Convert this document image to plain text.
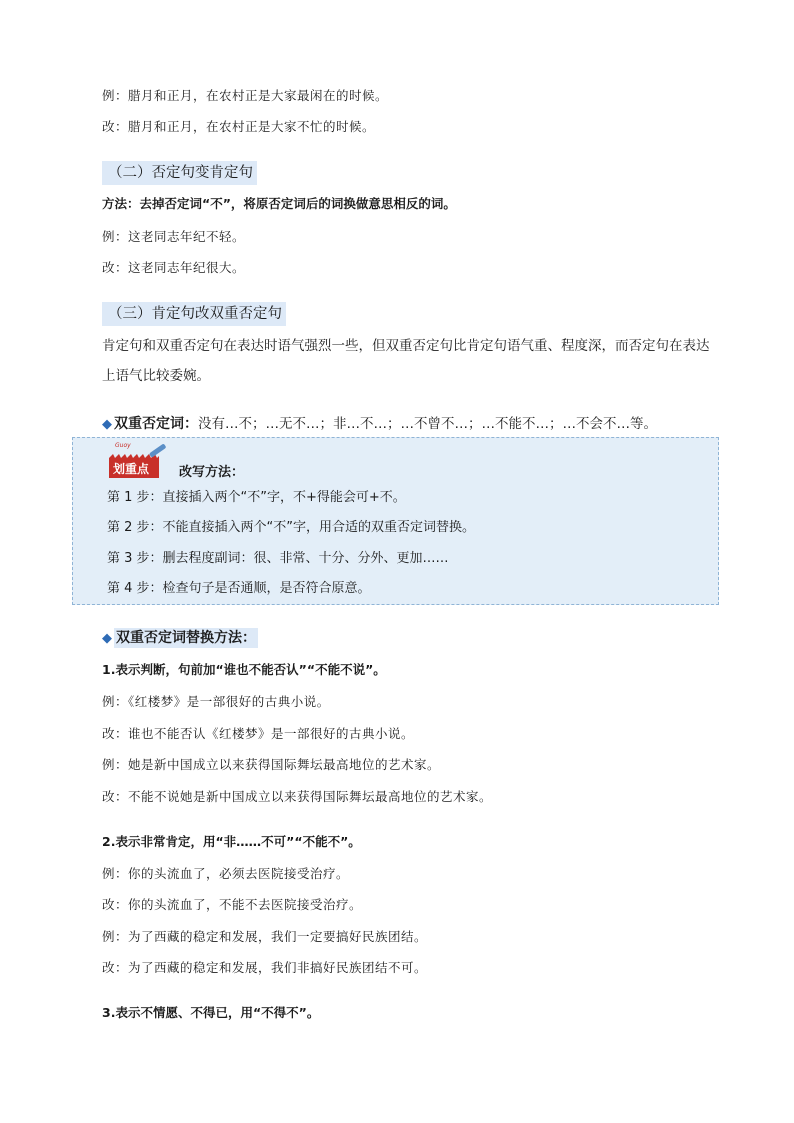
例：腊月和正月，在农村正是大家最闲在的时候。
改：腊月和正月，在农村正是大家不忙的时候。
（二）否定句变肯定句
方法：去掉否定词“不”，将原否定词后的词换做意思相反的词。
例：这老同志年纪不轻。
改：这老同志年纪很大。
（三）肯定句改双重否定句
肯定句和双重否定句在表达时语气强烈一些，但双重否定句比肯定句语气重、程度深，而否定句在表达上语气比较委婉。
◆ 双重否定词：没有…不；…无不…；非…不…；…不曾不…；…不能不…；…不会不…等。
Guoy
划重点 改写方法：
第 1 步：直接插入两个“不”字，不+得能会可+不。
第 2 步：不能直接插入两个“不”字，用合适的双重否定词替换。
第 3 步：删去程度副词：很、非常、十分、分外、更加……
第 4 步：检查句子是否通顺，是否符合原意。
◆ 双重否定词替换方法：
1.表示判断，句前加“谁也不能否认”“不能不说”。
例：《红楼梦》是一部很好的古典小说。
改：谁也不能否认《红楼梦》是一部很好的古典小说。
例：她是新中国成立以来获得国际舞坛最高地位的艺术家。
改：不能不说她是新中国成立以来获得国际舞坛最高地位的艺术家。
2.表示非常肯定，用“非……不可”“不能不”。
例：你的头流血了，必须去医院接受治疗。
改：你的头流血了，不能不去医院接受治疗。
例：为了西藏的稳定和发展，我们一定要搞好民族团结。
改：为了西藏的稳定和发展，我们非搞好民族团结不可。
3.表示不情愿、不得已，用“不得不”。
